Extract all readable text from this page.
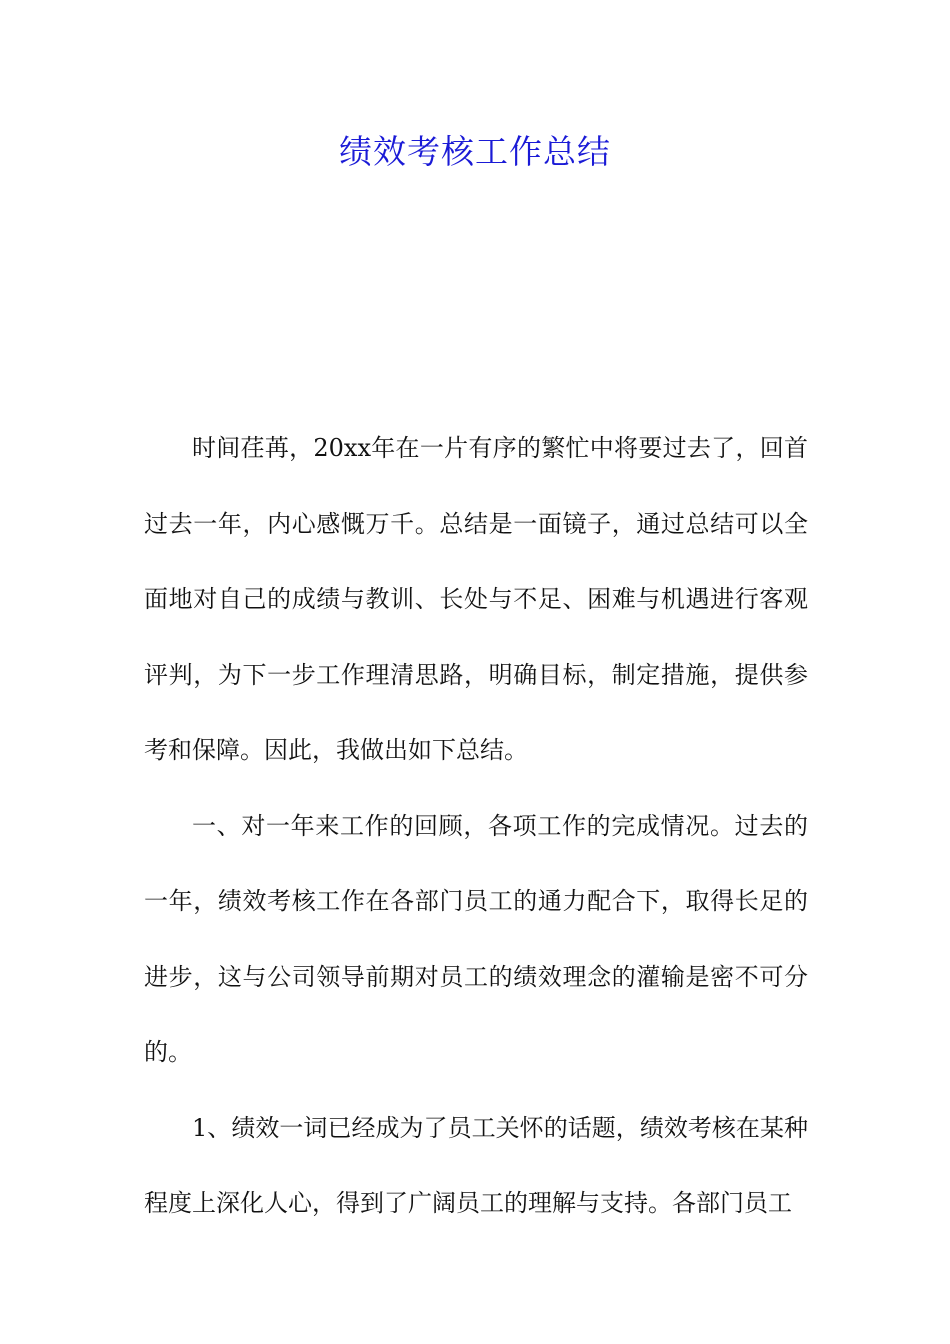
绩效考核工作总结

时间荏苒，20xx年在一片有序的繁忙中将要过去了，回首过去一年，内心感慨万千。总结是一面镜子，通过总结可以全面地对自己的成绩与教训、长处与不足、困难与机遇进行客观评判，为下一步工作理清思路，明确目标，制定措施，提供参考和保障。因此，我做出如下总结。

一、对一年来工作的回顾，各项工作的完成情况。过去的一年，绩效考核工作在各部门员工的通力配合下，取得长足的进步，这与公司领导前期对员工的绩效理念的灌输是密不可分的。

1、绩效一词已经成为了员工关怀的话题，绩效考核在某种程度上深化人心，得到了广阔员工的理解与支持。各部门员工
